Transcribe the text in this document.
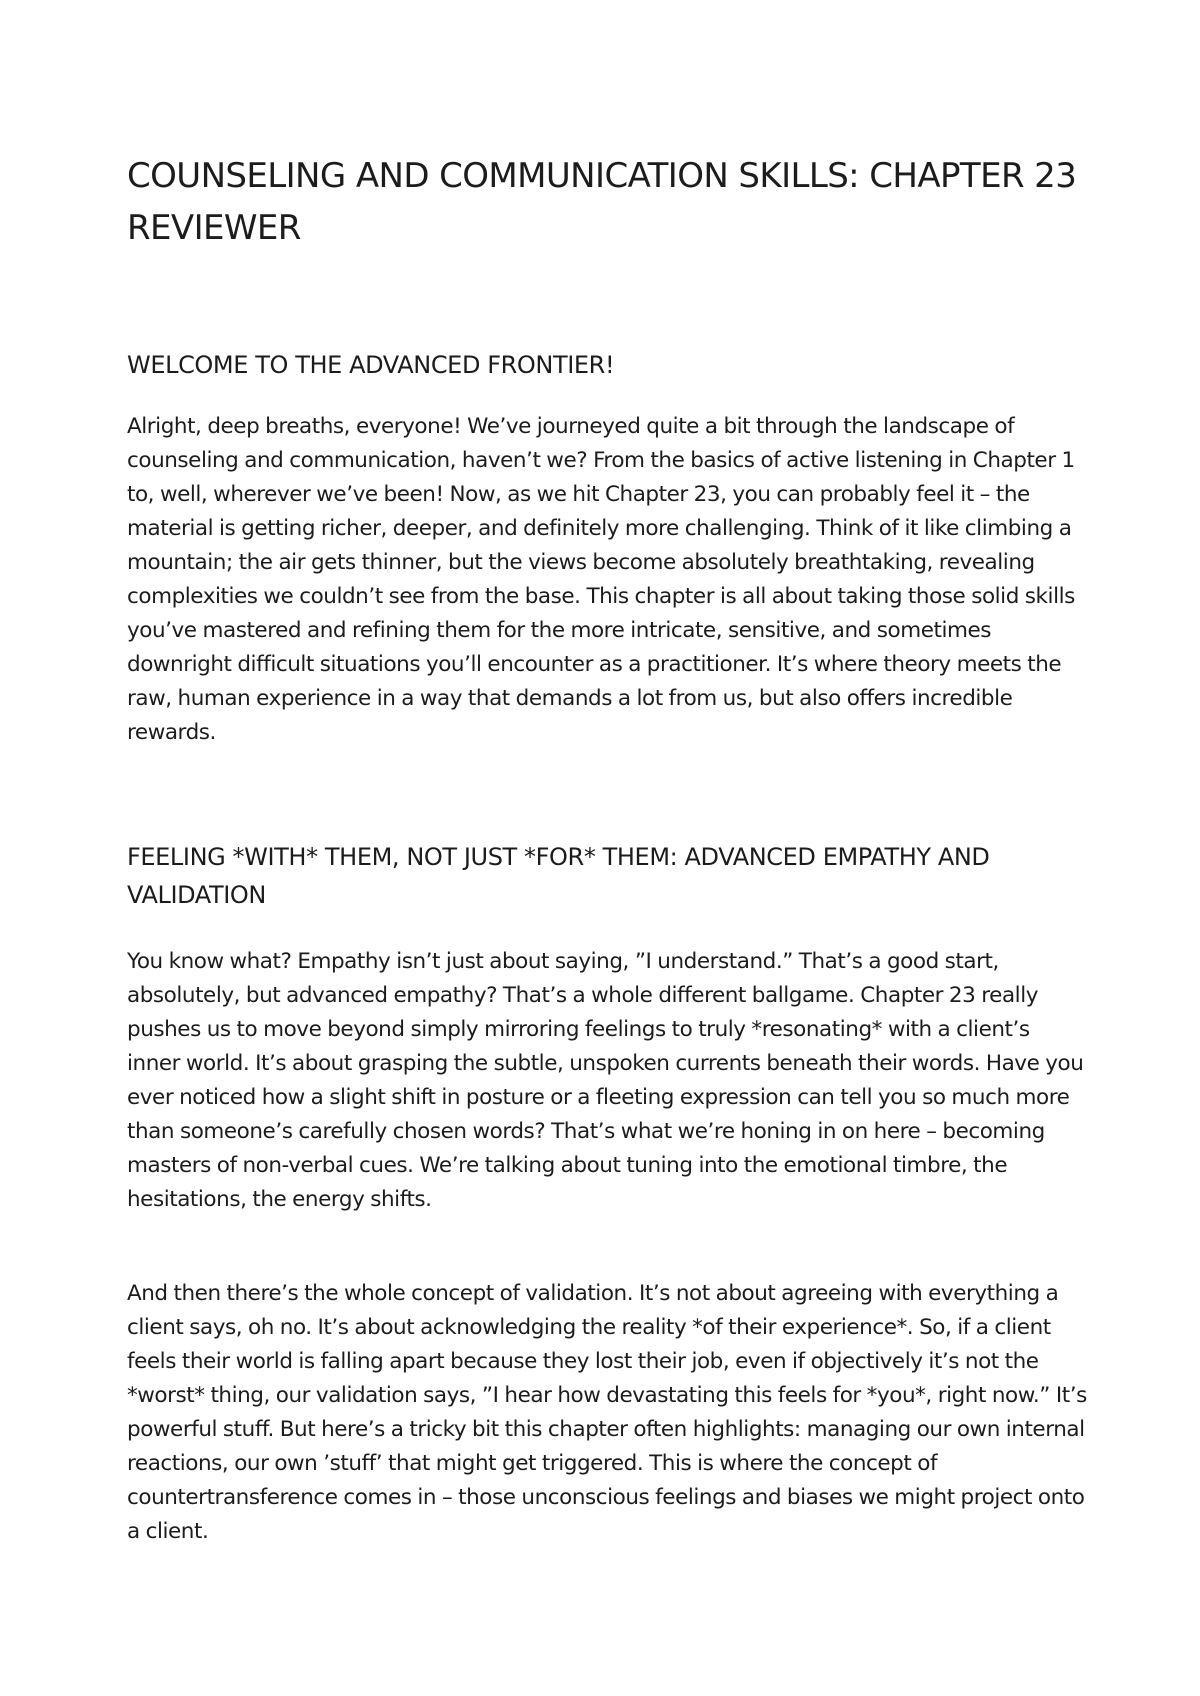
COUNSELING AND COMMUNICATION SKILLS: CHAPTER 23 REVIEWER
WELCOME TO THE ADVANCED FRONTIER!

Alright, deep breaths, everyone! We’ve journeyed quite a bit through the landscape of counseling and communication, haven’t we? From the basics of active listening in Chapter 1 to, well, wherever we’ve been! Now, as we hit Chapter 23, you can probably feel it – the material is getting richer, deeper, and definitely more challenging. Think of it like climbing a mountain; the air gets thinner, but the views become absolutely breathtaking, revealing complexities we couldn’t see from the base. This chapter is all about taking those solid skills you’ve mastered and refining them for the more intricate, sensitive, and sometimes downright difficult situations you’ll encounter as a practitioner. It’s where theory meets the raw, human experience in a way that demands a lot from us, but also offers incredible rewards.

FEELING *WITH* THEM, NOT JUST *FOR* THEM: ADVANCED EMPATHY AND VALIDATION

You know what? Empathy isn’t just about saying, ”I understand.” That’s a good start, absolutely, but advanced empathy? That’s a whole different ballgame. Chapter 23 really pushes us to move beyond simply mirroring feelings to truly *resonating* with a client’s inner world. It’s about grasping the subtle, unspoken currents beneath their words. Have you ever noticed how a slight shift in posture or a fleeting expression can tell you so much more than someone’s carefully chosen words? That’s what we’re honing in on here – becoming masters of non-verbal cues. We’re talking about tuning into the emotional timbre, the hesitations, the energy shifts.

And then there’s the whole concept of validation. It’s not about agreeing with everything a client says, oh no. It’s about acknowledging the reality *of their experience*. So, if a client feels their world is falling apart because they lost their job, even if objectively it’s not the *worst* thing, our validation says, ”I hear how devastating this feels for *you*, right now.” It’s powerful stuff. But here’s a tricky bit this chapter often highlights: managing our own internal reactions, our own ’stuff’ that might get triggered. This is where the concept of countertransference comes in – those unconscious feelings and biases we might project onto a client.
